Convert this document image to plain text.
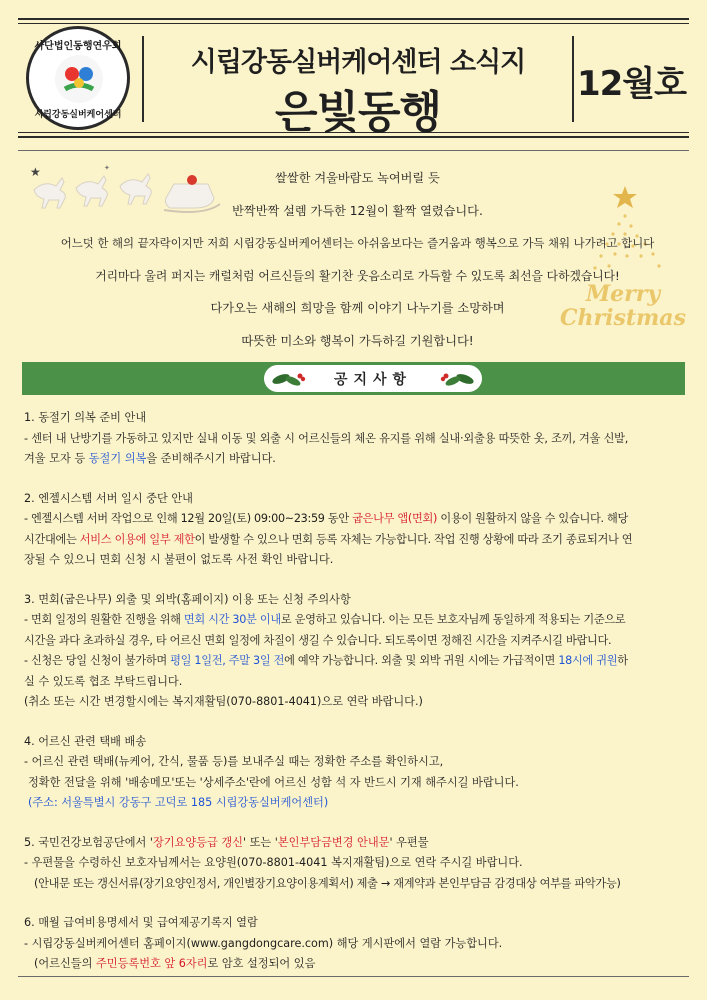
사단법인동행연우회
시립강동실버케어센터
시립강동실버케어센터 소식지
은빛동행
12월호
★	✦
Merry
Christmas
쌀쌀한 겨울바람도 녹여버릴 듯
반짝반짝 설렘 가득한 12월이 활짝 열렸습니다.
어느덧 한 해의 끝자락이지만 저희 시립강동실버케어센터는 아쉬움보다는 즐거움과 행복으로 가득 채워 나가려고 합니다
거리마다 울려 퍼지는 캐럴처럼 어르신들의 활기찬 웃음소리로 가득할 수 있도록 최선을 다하겠습니다!
다가오는 새해의 희망을 함께 이야기 나누기를 소망하며
따뜻한 미소와 행복이 가득하길 기원합니다!
공지사항

1. 동절기 의복 준비 안내

- 센터 내 난방기를 가동하고 있지만 실내 이동 및 외출 시 어르신들의 체온 유지를 위해 실내·외출용 따뜻한 옷, 조끼, 겨울 신발,

겨울 모자 등 동절기 의복을 준비해주시기 바랍니다.

2. 엔젤시스템 서버 일시 중단 안내

- 엔젤시스템 서버 작업으로 인해 12월 20일(토) 09:00~23:59 동안 굽은나무 앱(면회) 이용이 원활하지 않을 수 있습니다. 해당

시간대에는 서비스 이용에 일부 제한이 발생할 수 있으나 면회 등록 자체는 가능합니다. 작업 진행 상황에 따라 조기 종료되거나 연

장될 수 있으니 면회 신청 시 불편이 없도록 사전 확인 바랍니다.

3. 면회(굽은나무) 외출 및 외박(홈페이지) 이용 또는 신청 주의사항

- 면회 일정의 원활한 진행을 위해 면회 시간 30분 이내로 운영하고 있습니다. 이는 모든 보호자님께 동일하게 적용되는 기준으로

시간을 과다 초과하실 경우, 타 어르신 면회 일정에 차질이 생길 수 있습니다. 되도록이면 정해진 시간을 지켜주시길 바랍니다.

- 신청은 당일 신청이 불가하며 평일 1일전, 주말 3일 전에 예약 가능합니다. 외출 및 외박 귀원 시에는 가급적이면 18시에 귀원하

실 수 있도록 협조 부탁드립니다.

(취소 또는 시간 변경할시에는 복지재활팀(070-8801-4041)으로 연락 바랍니다.)

4. 어르신 관련 택배 배송

- 어르신 관련 택배(뉴케어, 간식, 물품 등)를 보내주실 때는 정확한 주소를 확인하시고,

정확한 전달을 위해 '배송메모'또는 '상세주소'란에 어르신 성함 석 자 반드시 기재 해주시길 바랍니다.

(주소: 서울특별시 강동구 고덕로 185 시립강동실버케어센터)

5. 국민건강보험공단에서 '장기요양등급 갱신' 또는 '본인부담금변경 안내문' 우편물

- 우편물을 수령하신 보호자님께서는 요양원(070-8801-4041 복지재활팀)으로 연락 주시길 바랍니다.

(안내문 또는 갱신서류(장기요양인정서, 개인별장기요양이용계획서) 제출 → 재계약과 본인부담금 감경대상 여부를 파악가능)

6. 매월 급여비용명세서 및 급여제공기록지 열람

- 시립강동실버케어센터 홈페이지(www.gangdongcare.com) 해당 게시판에서 열람 가능합니다.

(어르신들의 주민등록번호 앞 6자리로 암호 설정되어 있음
